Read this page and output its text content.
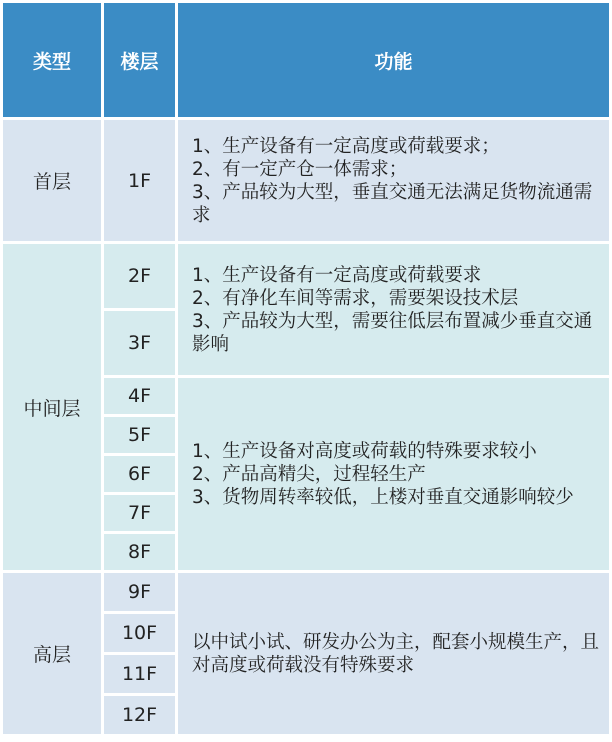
类型	楼层	功能
首层	1F	1、生产设备有一定高度或荷载要求；
2、有一定产仓一体需求；
3、产品较为大型，垂直交通无法满足货物流通需求

中间层	2F	1、生产设备有一定高度或荷载要求
2、有净化车间等需求，需要架设技术层
3、产品较为大型，需要往低层布置减少垂直交通影响

	3F	
	4F	1、生产设备对高度或荷载的特殊要求较小
2、产品高精尖，过程轻生产
3、货物周转率较低，上楼对垂直交通影响较少

	5F	
	6F	
	7F	
	8F	
高层	9F	以中试小试、研发办公为主，配套小规模生产，且对高度或荷载没有特殊要求

	10F	
	11F	
	12F	
